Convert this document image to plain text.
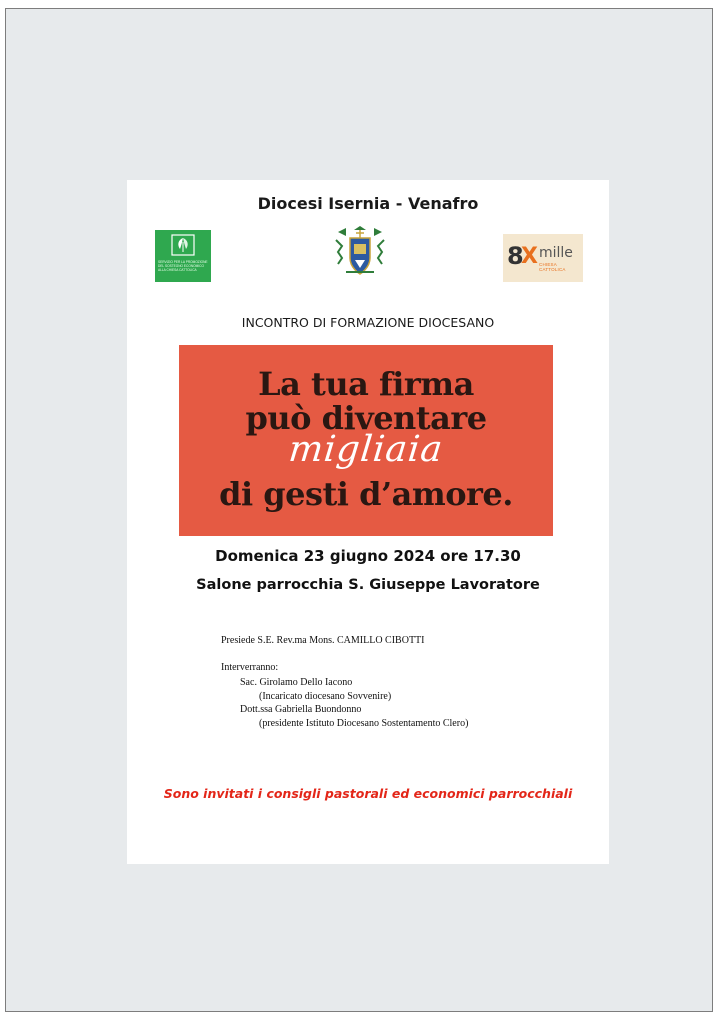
Diocesi Isernia - Venafro
SERVIZIO PER LA PROMOZIONE
DEL SOSTEGNO ECONOMICO
ALLA CHIESA CATTOLICA	8
X mille
CHIESA CATTOLICA
INCONTRO DI FORMAZIONE DIOCESANO
La tua firma
può diventare
migliaia
di gesti d’amore.
Domenica 23 giugno 2024 ore 17.30
Salone parrocchia S. Giuseppe Lavoratore
Presiede S.E. Rev.ma Mons. CAMILLO CIBOTTI
Interverranno:
Sac. Girolamo Dello Iacono
(Incaricato diocesano Sovvenire)
Dott.ssa Gabriella Buondonno
(presidente Istituto Diocesano Sostentamento Clero)
Sono invitati i consigli pastorali ed economici parrocchiali
